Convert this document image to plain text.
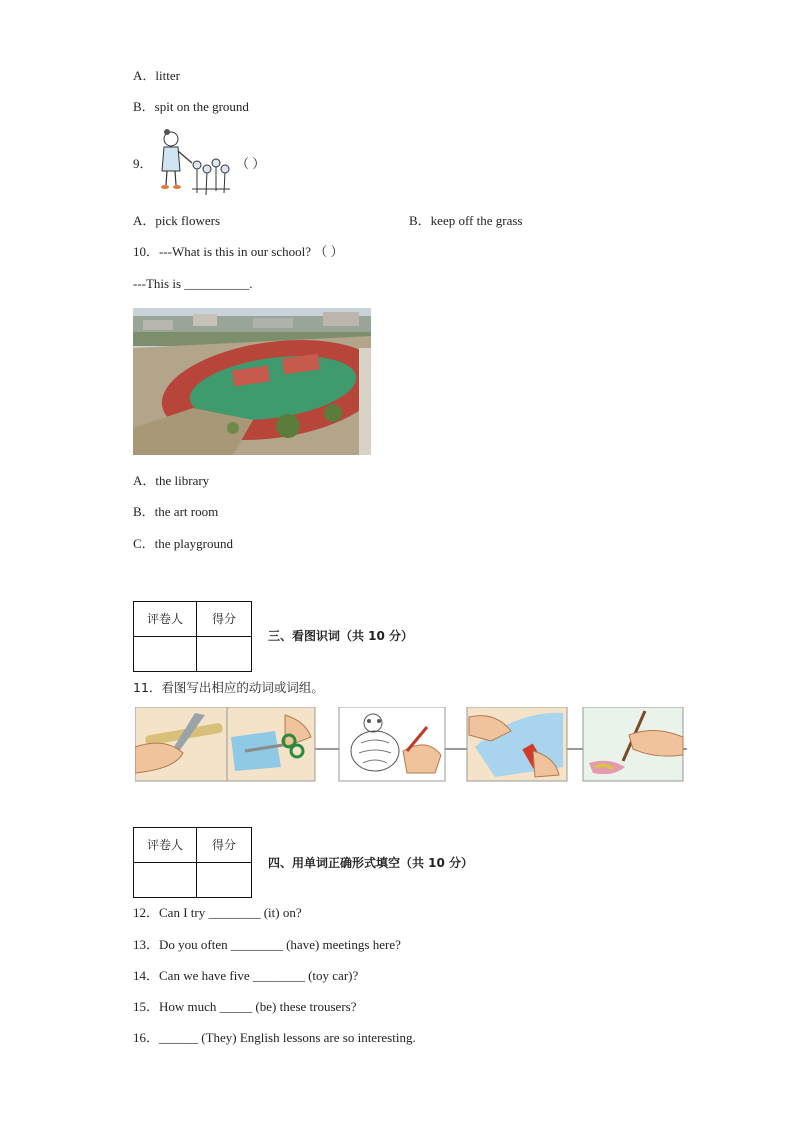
A．litter
B．spit on the ground
9．	（ ）
A．pick flowers	B．keep off the grass
10．---What is this in our school? （ ）
---This is __________.
A．the library
B．the art room
C．the playground
评卷人	得分
三、看图识词（共 10 分）
11．看图写出相应的动词或词组。
评卷人	得分
四、用单词正确形式填空（共 10 分）
12．Can I try ________ (it) on?
13．Do you often ________ (have) meetings here?
14．Can we have five ________ (toy car)?
15．How much _____ (be) these trousers?
16．______ (They) English lessons are so interesting.
